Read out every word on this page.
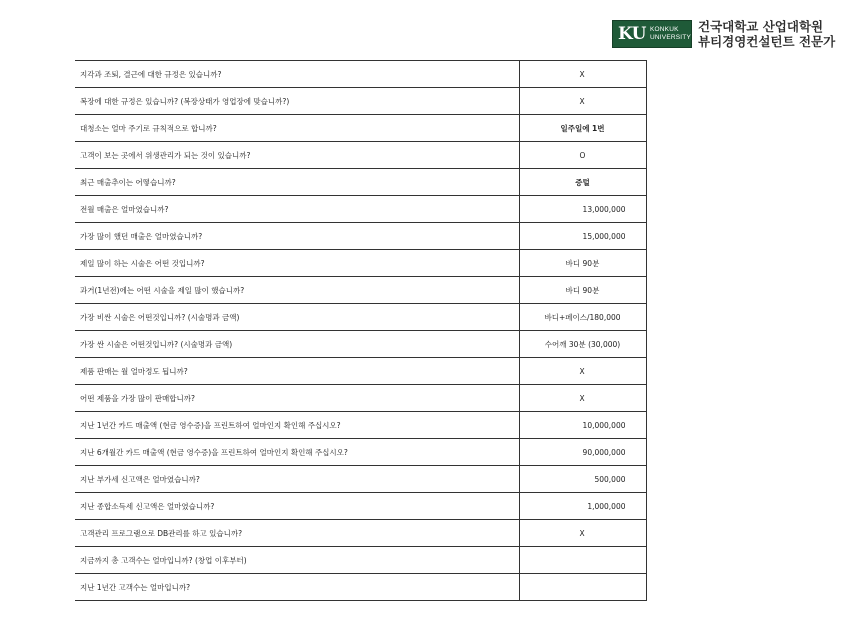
KU KONKUK
UNIVERSITY
건국대학교 산업대학원
뷰티경영컨설턴트 전문가
지각과 조퇴, 결근에 대한 규정은 있습니까?	X
복장에 대한 규정은 있습니까? (복장상태가 영업장에 맞습니까?)	X
대청소는 얼마 주기로 규칙적으로 합니까?	일주일에 1번
고객이 보는 곳에서 위생관리가 되는 것이 있습니까?	O
최근 매출추이는 어떻습니까?	증털
전월 매출은 얼마였습니까?	13,000,000
가장 많이 했던 매출은 얼마였습니까?	15,000,000
제일 많이 하는 시술은 어떤 것입니까?	바디 90분
과거(1년전)에는 어떤 시술을 제일 많이 했습니까?	바디 90분
가장 비싼 시술은 어떤것입니까? (시술명과 금액)	바디+페이스/180,000
가장 싼 시술은 어떤것입니까? (시술명과 금액)	수어깨 30분 (30,000)
제품 판매는 월 얼마정도 됩니까?	X
어떤 제품을 가장 많이 판매합니까?	X
지난 1년간 카드 매출액 (현금 영수증)을 프린트하여 얼마인지 확인해 주십시오?	10,000,000
지난 6개월간 카드 매출액 (현금 영수증)을 프린트하여 얼마인지 확인해 주십시오?	90,000,000
지난 부가세 신고액은 얼마였습니까?	500,000
지난 종합소득세 신고액은 얼마였습니까?	1,000,000
고객관리 프로그램으로 DB관리를 하고 있습니까?	X
지금까지 총 고객수는 얼마입니까? (창업 이후부터)	
지난 1년간 고객수는 얼마입니까?	
